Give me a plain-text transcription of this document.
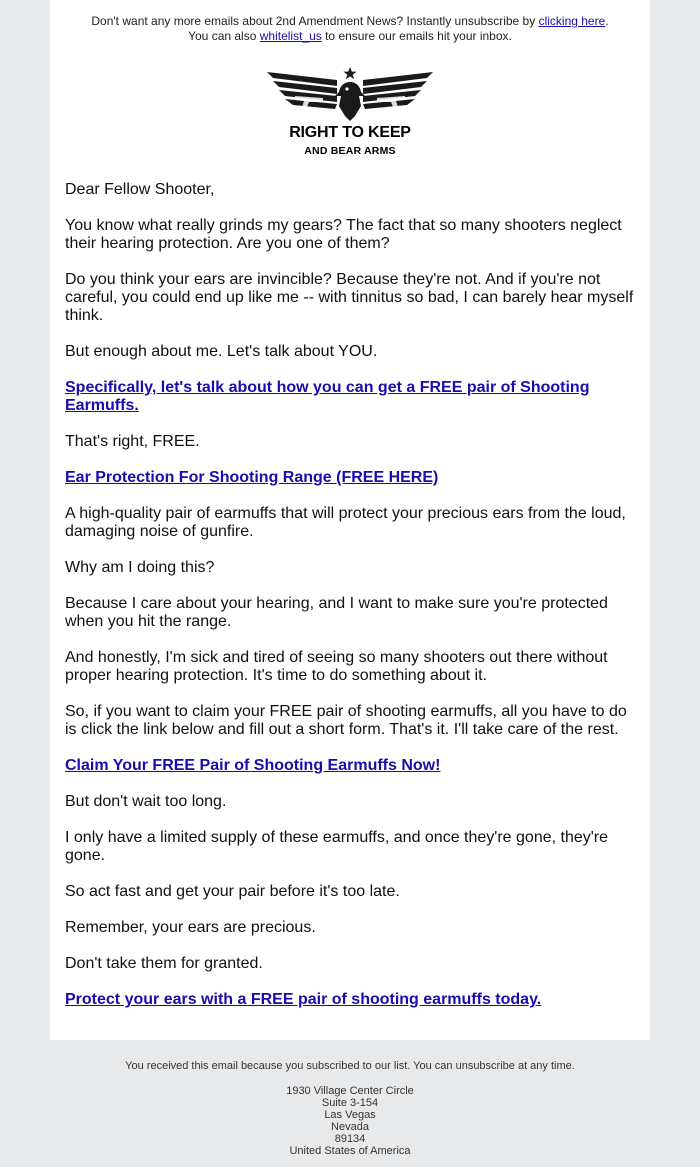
Don't want any more emails about 2nd Amendment News? Instantly unsubscribe by clicking here.
You can also whitelist_us to ensure our emails hit your inbox.
RIGHT TO KEEP
AND BEAR ARMS

Dear Fellow Shooter,

You know what really grinds my gears? The fact that so many shooters neglect their hearing protection. Are you one of them?

Do you think your ears are invincible? Because they're not. And if you're not careful, you could end up like me -- with tinnitus so bad, I can barely hear myself think.

But enough about me. Let's talk about YOU.

Specifically, let's talk about how you can get a FREE pair of Shooting Earmuffs.

That's right, FREE.

Ear Protection For Shooting Range (FREE HERE)

A high-quality pair of earmuffs that will protect your precious ears from the loud, damaging noise of gunfire.

Why am I doing this?

Because I care about your hearing, and I want to make sure you're protected when you hit the range.

And honestly, I'm sick and tired of seeing so many shooters out there without proper hearing protection. It's time to do something about it.

So, if you want to claim your FREE pair of shooting earmuffs, all you have to do is click the link below and fill out a short form. That's it. I'll take care of the rest.

Claim Your FREE Pair of Shooting Earmuffs Now!

But don't wait too long.

I only have a limited supply of these earmuffs, and once they're gone, they're gone.

So act fast and get your pair before it's too late.

Remember, your ears are precious.

Don't take them for granted.

Protect your ears with a FREE pair of shooting earmuffs today.

You received this email because you subscribed to our list. You can unsubscribe at any time.
1930 Village Center Circle
Suite 3-154
Las Vegas
Nevada
89134
United States of America
